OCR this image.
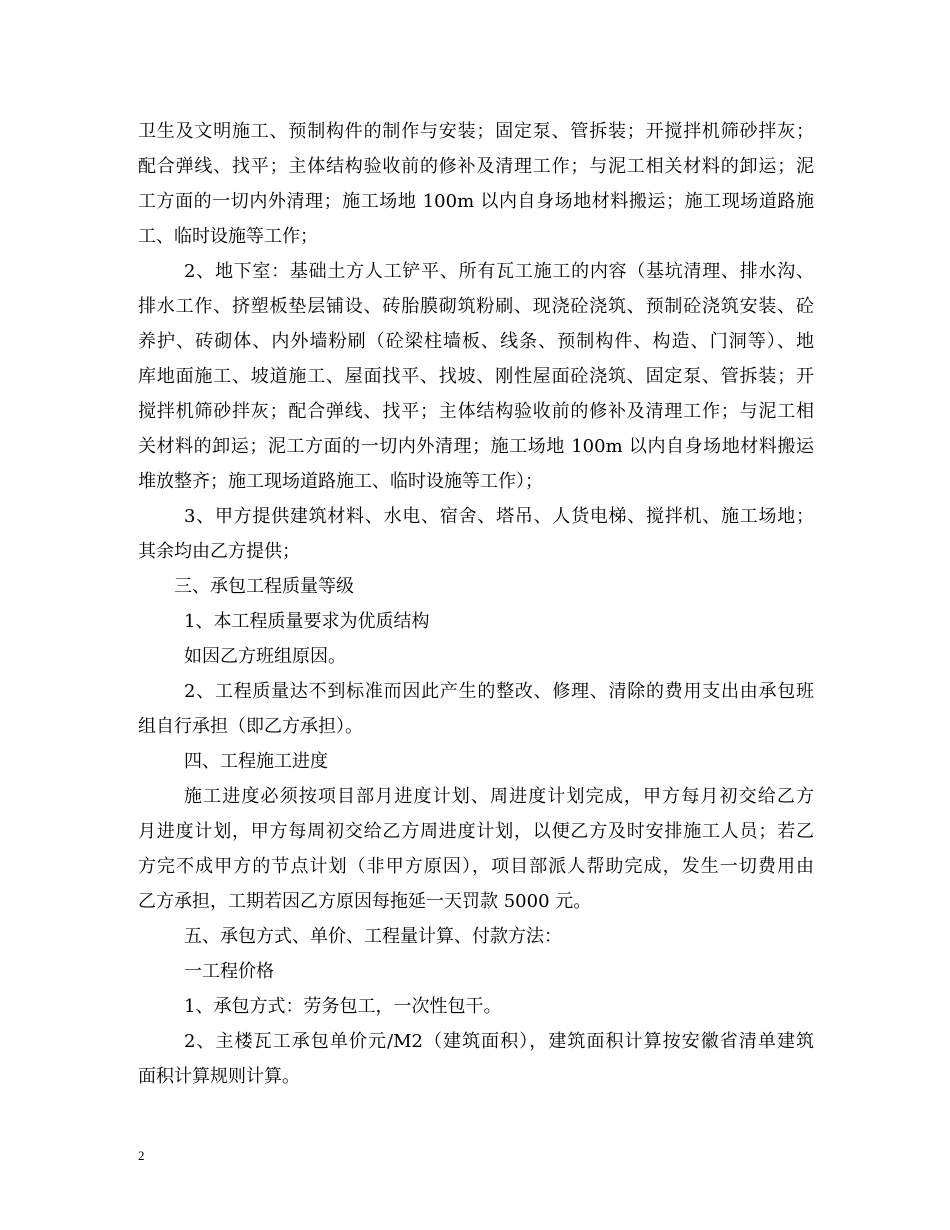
卫生及文明施工、预制构件的制作与安装；固定泵、管拆装；开搅拌机筛砂拌灰；
配合弹线、找平；主体结构验收前的修补及清理工作；与泥工相关材料的卸运；泥
工方面的一切内外清理；施工场地 100m 以内自身场地材料搬运；施工现场道路施
工、临时设施等工作；
2、地下室：基础土方人工铲平、所有瓦工施工的内容（基坑清理、排水沟、
排水工作、挤塑板垫层铺设、砖胎膜砌筑粉刷、现浇砼浇筑、预制砼浇筑安装、砼
养护、砖砌体、内外墙粉刷（砼梁柱墙板、线条、预制构件、构造、门洞等）、地
库地面施工、坡道施工、屋面找平、找坡、刚性屋面砼浇筑、固定泵、管拆装；开
搅拌机筛砂拌灰；配合弹线、找平；主体结构验收前的修补及清理工作；与泥工相
关材料的卸运；泥工方面的一切内外清理；施工场地 100m 以内自身场地材料搬运
堆放整齐；施工现场道路施工、临时设施等工作）；
3、甲方提供建筑材料、水电、宿舍、塔吊、人货电梯、搅拌机、施工场地；
其余均由乙方提供；
三、承包工程质量等级
1、本工程质量要求为优质结构
如因乙方班组原因。
2、工程质量达不到标准而因此产生的整改、修理、清除的费用支出由承包班
组自行承担（即乙方承担）。
四、工程施工进度
施工进度必须按项目部月进度计划、周进度计划完成，甲方每月初交给乙方
月进度计划，甲方每周初交给乙方周进度计划，以便乙方及时安排施工人员；若乙
方完不成甲方的节点计划（非甲方原因），项目部派人帮助完成，发生一切费用由
乙方承担，工期若因乙方原因每拖延一天罚款 5000 元。
五、承包方式、单价、工程量计算、付款方法：
一工程价格
1、承包方式：劳务包工，一次性包干。
2、主楼瓦工承包单价元/M2（建筑面积），建筑面积计算按安徽省清单建筑
面积计算规则计算。
2
